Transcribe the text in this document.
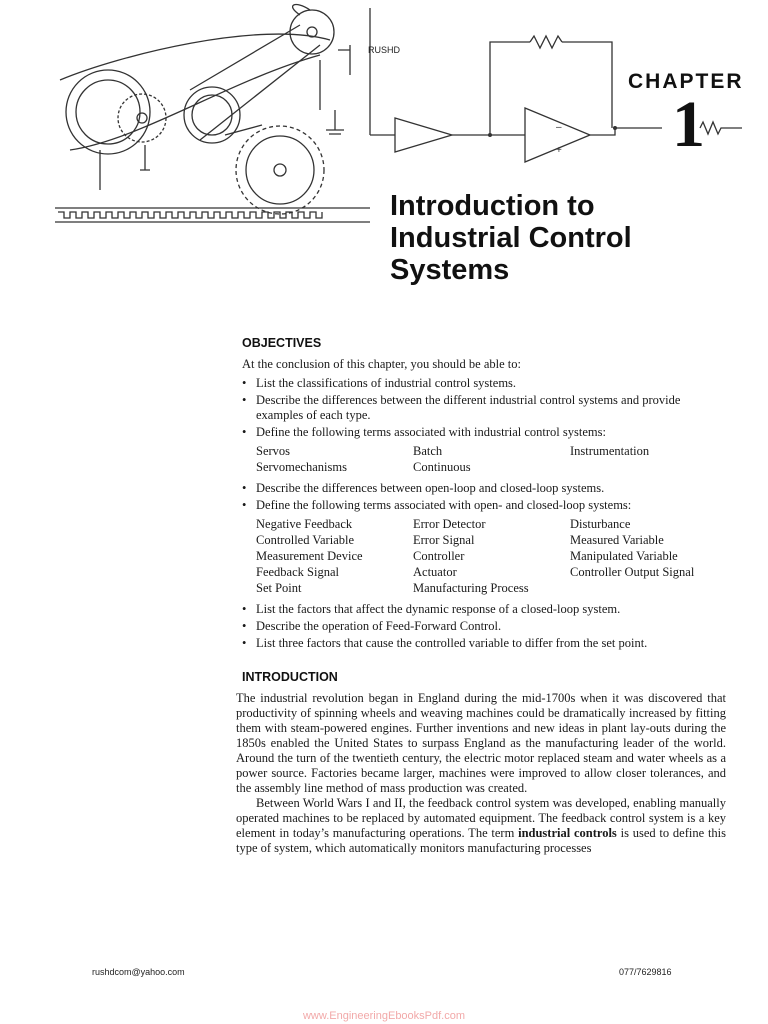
–
+
RUSHD
CHAPTER
1
Introduction to
Industrial Control
Systems
OBJECTIVES

At the conclusion of this chapter, you should be able to:

• List the classifications of industrial control systems.
• Describe the differences between the different industrial control systems and provide examples of each type.
• Define the following terms associated with industrial control systems:
Servos	Batch	Instrumentation
Servomechanisms	Continuous
• Describe the differences between open-loop and closed-loop systems.
• Define the following terms associated with open- and closed-loop systems:
Negative Feedback	Error Detector	Disturbance
Controlled Variable	Error Signal	Measured Variable
Measurement Device	Controller	Manipulated Variable
Feedback Signal	Actuator	Controller Output Signal
Set Point	Manufacturing Process
• List the factors that affect the dynamic response of a closed-loop system.
• Describe the operation of Feed-Forward Control.
• List three factors that cause the controlled variable to differ from the set point.
INTRODUCTION

The industrial revolution began in England during the mid-1700s when it was discovered that productivity of spinning wheels and weaving machines could be dramatically increased by fitting them with steam-powered engines. Further inventions and new ideas in plant lay-outs during the 1850s enabled the United States to surpass England as the manufacturing leader of the world. Around the turn of the twentieth century, the electric motor replaced steam and water wheels as a power source. Factories became larger, machines were improved to allow closer tolerances, and the assembly line method of mass production was created.

Between World Wars I and II, the feedback control system was developed, enabling manually operated machines to be replaced by automated equipment. The feedback control system is a key element in today’s manufacturing operations. The term industrial controls is used to define this type of system, which automatically monitors manufacturing processes

rushdcom@yahoo.com	077/7629816
www.EngineeringEbooksPdf.com
